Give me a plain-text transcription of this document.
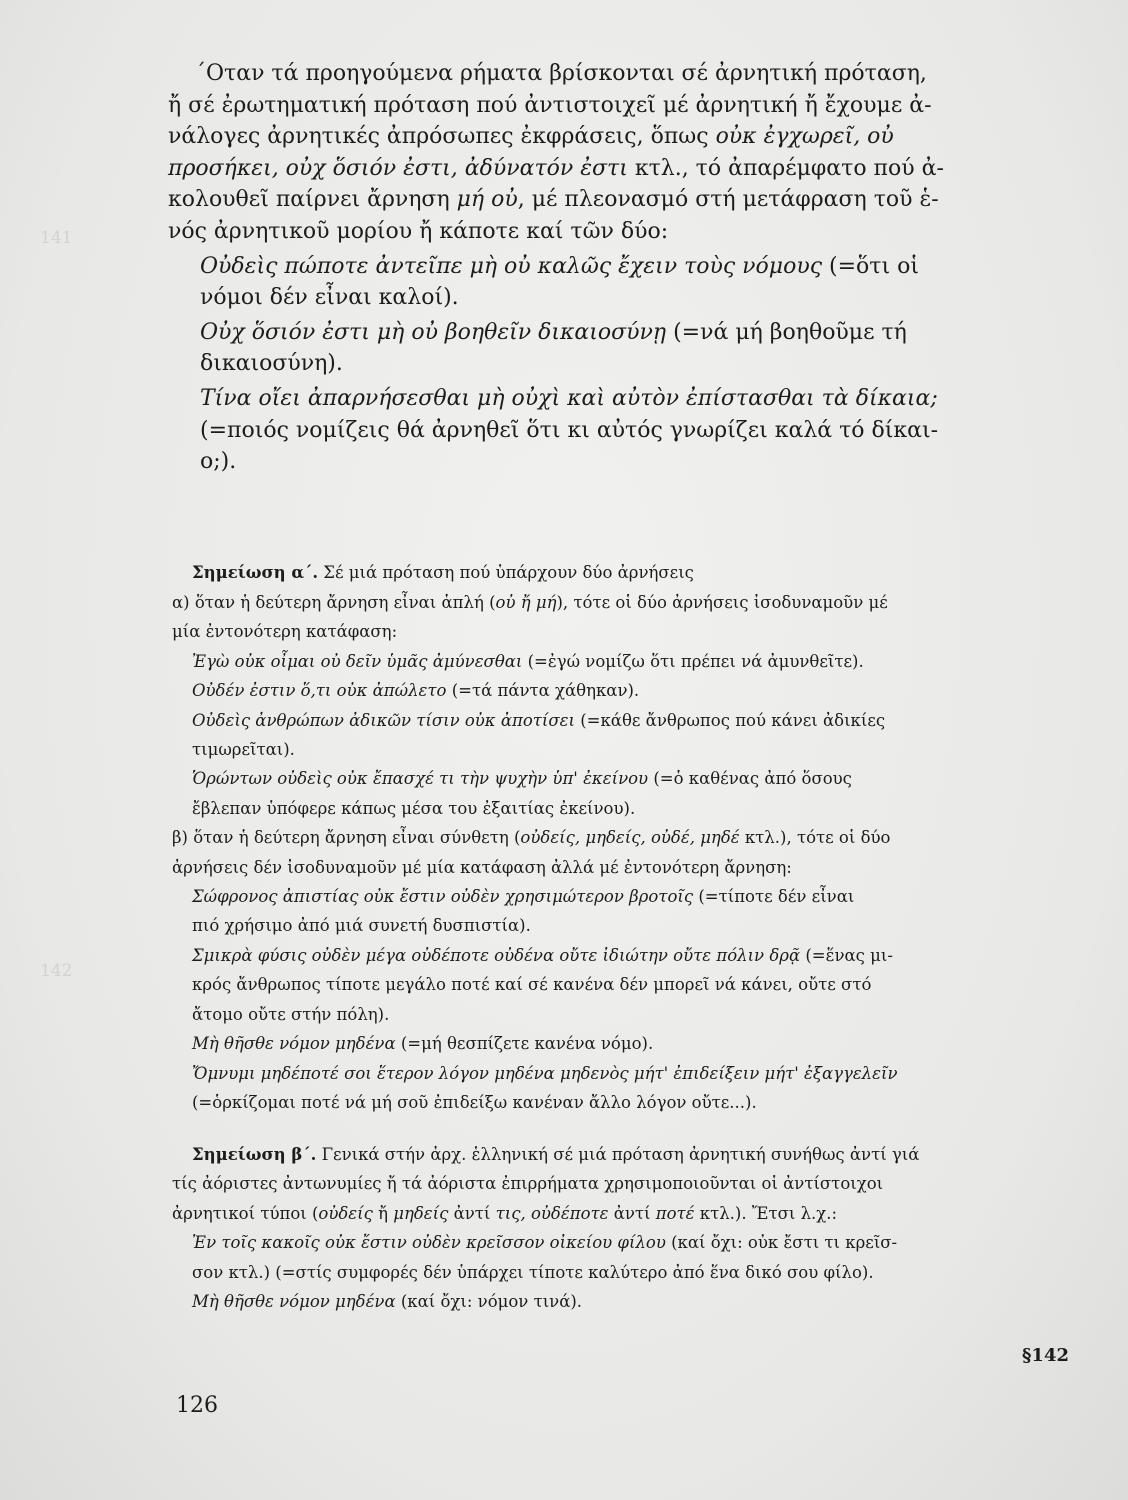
141
142

΄Οταν τά προηγούμενα ρήματα βρίσκονται σέ ἀρνητική πρόταση,

ἤ σέ ἐρωτηματική πρόταση πού ἀντιστοιχεῖ μέ ἀρνητική ἤ ἔχουμε ἀ-

νάλογες ἀρνητικές ἀπρόσωπες ἐκφράσεις, ὅπως οὐκ ἐγχωρεῖ, οὐ

προσήκει, οὐχ ὅσιόν ἐστι, ἀδύνατόν ἐστι κτλ., τό ἀπαρέμφατο πού ἀ-

κολουθεῖ παίρνει ἄρνηση μή οὐ, μέ πλεονασμό στή μετάφραση τοῦ ἑ-

νός ἀρνητικοῦ μορίου ἤ κάποτε καί τῶν δύο:

Οὐδεὶς πώποτε ἀντεῖπε μὴ οὐ καλῶς ἔχειν τοὺς νόμους (=ὅτι οἱ

νόμοι δέν εἶναι καλοί).

Οὐχ ὅσιόν ἐστι μὴ οὐ βοηθεῖν δικαιοσύνῃ (=νά μή βοηθοῦμε τή

δικαιοσύνη).

Τίνα οἴει ἀπαρνήσεσθαι μὴ οὐχὶ καὶ αὐτὸν ἐπίστασθαι τὰ δίκαια;

(=ποιός νομίζεις θά ἀρνηθεῖ ὅτι κι αὐτός γνωρίζει καλά τό δίκαι-

ο;).

Σημείωση α΄. Σέ μιά πρόταση πού ὑπάρχουν δύο ἀρνήσεις

α) ὅταν ἡ δεύτερη ἄρνηση εἶναι ἁπλή (οὐ ἤ μή), τότε οἱ δύο ἀρνήσεις ἰσοδυναμοῦν μέ

μία ἐντονότερη κατάφαση:

Ἐγὼ οὐκ οἶμαι οὐ δεῖν ὑμᾶς ἀμύνεσθαι (=ἐγώ νομίζω ὅτι πρέπει νά ἀμυνθεῖτε).

Οὐδέν ἐστιν ὅ,τι οὐκ ἀπώλετο (=τά πάντα χάθηκαν).

Οὐδεὶς ἀνθρώπων ἀδικῶν τίσιν οὐκ ἀποτίσει (=κάθε ἄνθρωπος πού κάνει ἀδικίες

τιμωρεῖται).

Ὁρώντων οὐδεὶς οὐκ ἔπασχέ τι τὴν ψυχὴν ὑπ' ἐκείνου (=ὁ καθένας ἀπό ὅσους

ἔβλεπαν ὑπόφερε κάπως μέσα του ἐξαιτίας ἐκείνου).

β) ὅταν ἡ δεύτερη ἄρνηση εἶναι σύνθετη (οὐδείς, μηδείς, οὐδέ, μηδέ κτλ.), τότε οἱ δύο

ἀρνήσεις δέν ἰσοδυναμοῦν μέ μία κατάφαση ἀλλά μέ ἐντονότερη ἄρνηση:

Σώφρονος ἀπιστίας οὐκ ἔστιν οὐδὲν χρησιμώτερον βροτοῖς (=τίποτε δέν εἶναι

πιό χρήσιμο ἀπό μιά συνετή δυσπιστία).

Σμικρὰ φύσις οὐδὲν μέγα οὐδέποτε οὐδένα οὔτε ἰδιώτην οὔτε πόλιν δρᾷ (=ἕνας μι-

κρός ἄνθρωπος τίποτε μεγάλο ποτέ καί σέ κανένα δέν μπορεῖ νά κάνει, οὔτε στό

ἄτομο οὔτε στήν πόλη).

Μὴ θῆσθε νόμον μηδένα (=μή θεσπίζετε κανένα νόμο).

Ὄμνυμι μηδέποτέ σοι ἕτερον λόγον μηδένα μηδενὸς μήτ' ἐπιδείξειν μήτ' ἐξαγγελεῖν

(=ὁρκίζομαι ποτέ νά μή σοῦ ἐπιδείξω κανέναν ἄλλο λόγον οὔτε...).

Σημείωση β΄. Γενικά στήν ἀρχ. ἑλληνική σέ μιά πρόταση ἀρνητική συνήθως ἀντί γιά

τίς ἀόριστες ἀντωνυμίες ἤ τά ἀόριστα ἐπιρρήματα χρησιμοποιοῦνται οἱ ἀντίστοιχοι

ἀρνητικοί τύποι (οὐδείς ἤ μηδείς ἀντί τις, οὐδέποτε ἀντί ποτέ κτλ.). Ἔτσι λ.χ.:

Ἐν τοῖς κακοῖς οὐκ ἔστιν οὐδὲν κρεῖσσον οἰκείου φίλου (καί ὄχι: οὐκ ἔστι τι κρεῖσ-

σον κτλ.) (=στίς συμφορές δέν ὑπάρχει τίποτε καλύτερο ἀπό ἕνα δικό σου φίλο).

Μὴ θῆσθε νόμον μηδένα (καί ὄχι: νόμον τινά).

§142
126
